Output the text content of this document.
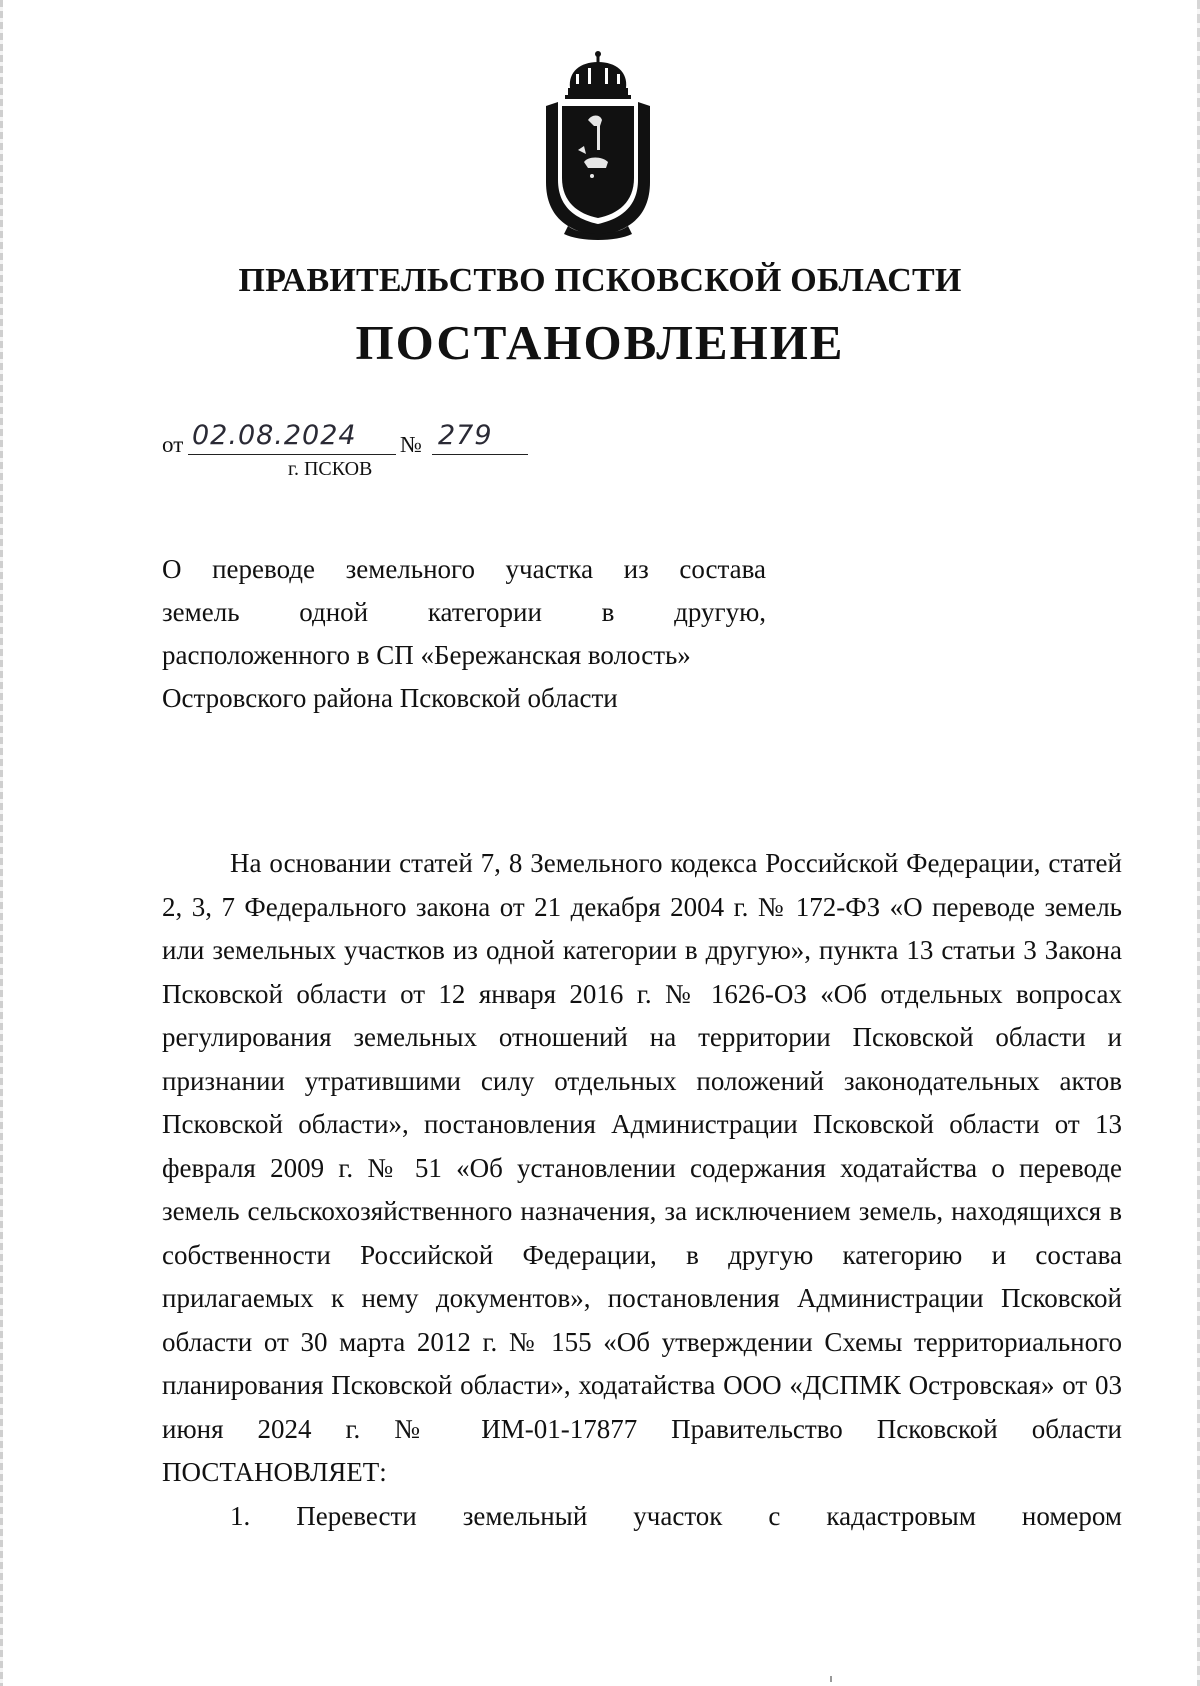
ПРАВИТЕЛЬСТВО ПСКОВСКОЙ ОБЛАСТИ
ПОСТАНОВЛЕНИЕ
от 02.08.2024 № 279
г. ПСКОВ

О переводе земельного участка из состава

земель одной категории в другую,

расположенного в СП «Бережанская волость»

Островского района Псковской области

На основании статей 7, 8 Земельного кодекса Российской Федерации, статей 2, 3, 7 Федерального закона от 21 декабря 2004 г. № 172-ФЗ «О переводе земель или земельных участков из одной категории в другую», пункта 13 статьи 3 Закона Псковской области от 12 января 2016 г. № 1626-ОЗ «Об отдельных вопросах регулирования земельных отношений на территории Псковской области и признании утратившими силу отдельных положений законодательных актов Псковской области», постановления Администрации Псковской области от 13 февраля 2009 г. № 51 «Об установлении содержания ходатайства о переводе земель сельскохозяйственного назначения, за исключением земель, находящихся в собственности Российской Федерации, в другую категорию и состава прилагаемых к нему документов», постановления Администрации Псковской области от 30 марта 2012 г. № 155 «Об утверждении Схемы территориального планирования Псковской области», ходатайства ООО «ДСПМК Островская» от 03 июня 2024 г. № ИМ-01-17877 Правительство Псковской области ПОСТАНОВЛЯЕТ:

1. Перевести земельный участок с кадастровым номером
